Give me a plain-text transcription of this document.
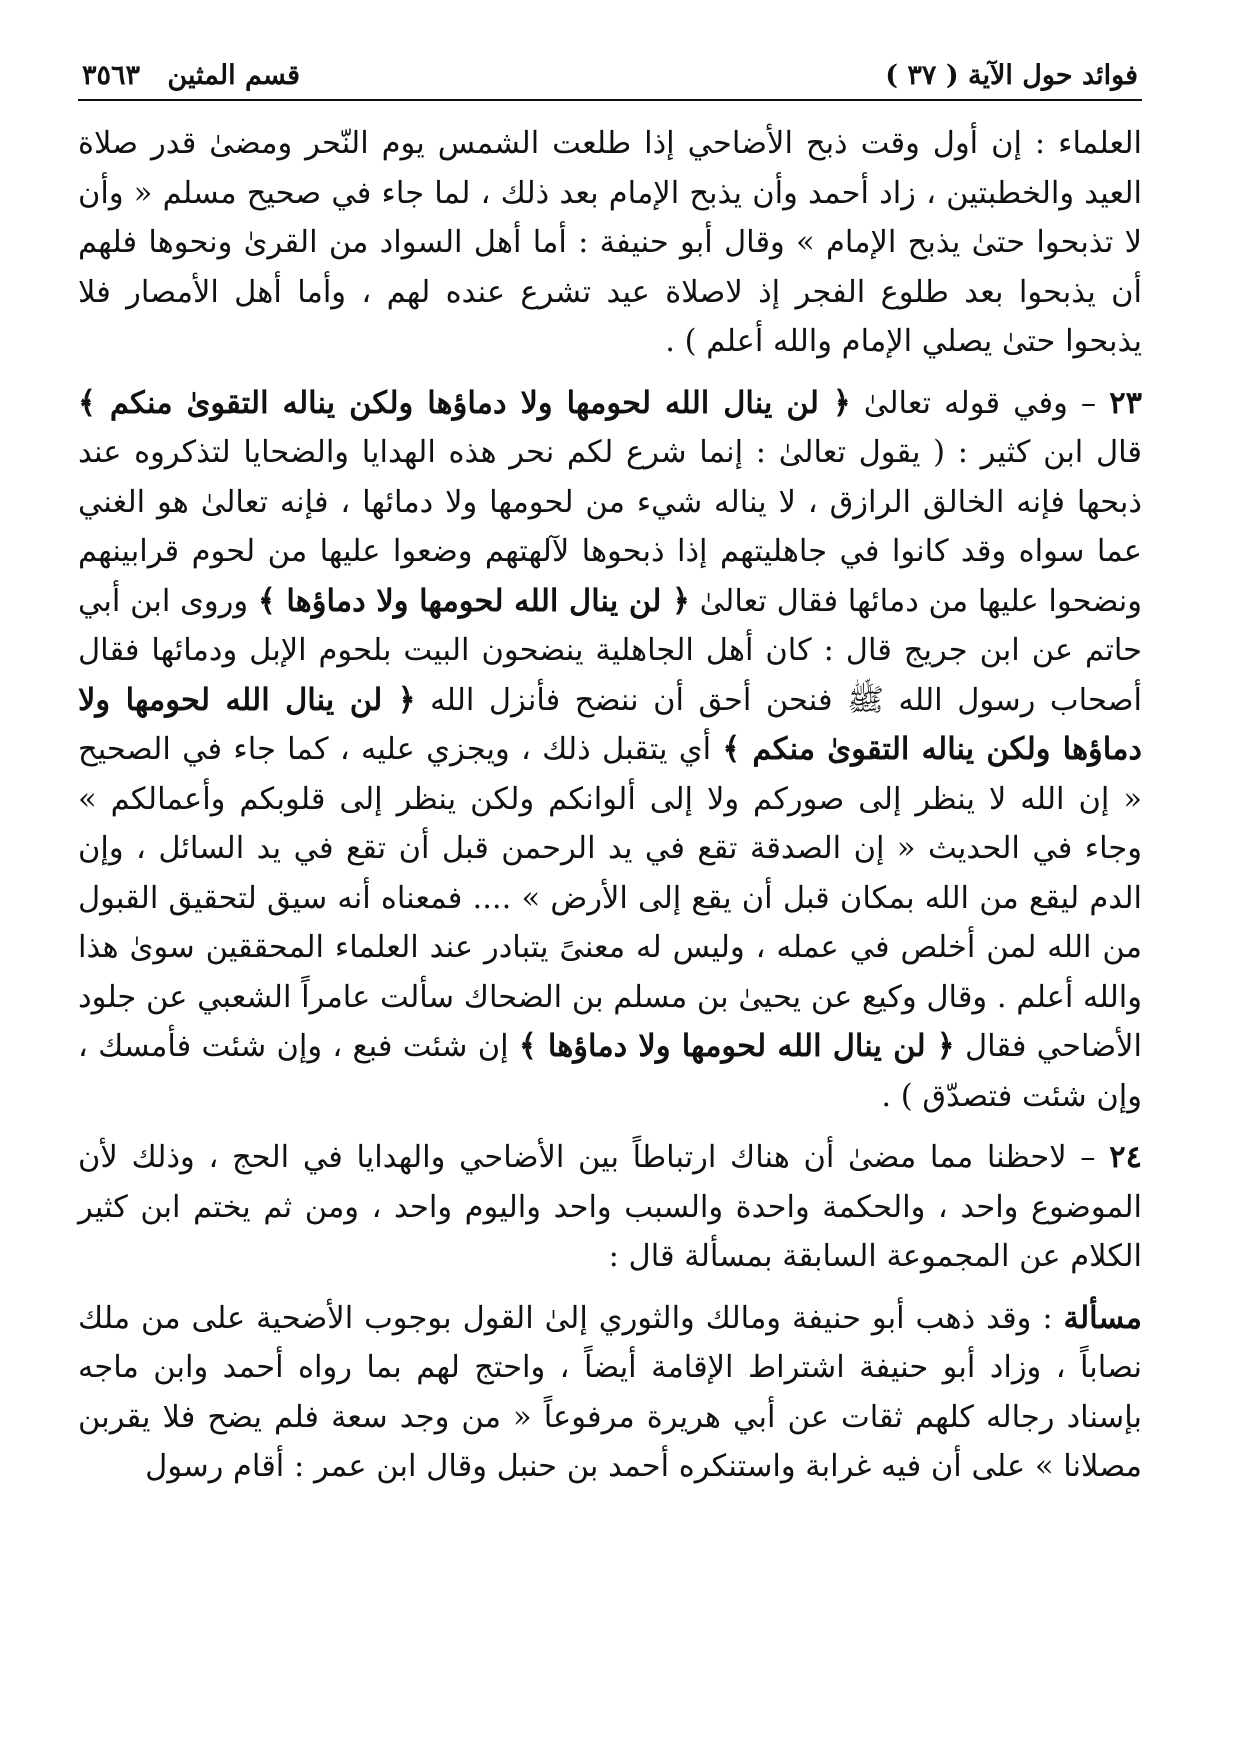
فوائد حول الآية ( ٣٧ )
قسم المثين ٣٥٦٣

العلماء : إن أول وقت ذبح الأضاحي إذا طلعت الشمس يوم النّحر ومضىٰ قدر صلاة
العيد والخطبتين ، زاد أحمد وأن يذبح الإمام بعد ذلك ، لما جاء في صحيح مسلم « وأن
لا تذبحوا حتىٰ يذبح الإمام » وقال أبو حنيفة : أما أهل السواد من القرىٰ ونحوها فلهم
أن يذبحوا بعد طلوع الفجر إذ لاصلاة عيد تشرع عنده لهم ، وأما أهل الأمصار فلا
يذبحوا حتىٰ يصلي الإمام والله أعلم ) .

٢٣ – وفي قوله تعالىٰ ﴿ لن ينال الله لحومها ولا دماؤها ولكن يناله التقوىٰ منكم ﴾ قال ابن كثير : ( يقول تعالىٰ : إنما شرع لكم نحر هذه الهدايا والضحايا لتذكروه عند ذبحها فإنه الخالق الرازق ، لا يناله شيء من لحومها ولا دمائها ، فإنه تعالىٰ هو الغني عما سواه وقد كانوا في جاهليتهم إذا ذبحوها لآلهتهم وضعوا عليها من لحوم قرابينهم ونضحوا عليها من دمائها فقال تعالىٰ ﴿ لن ينال الله لحومها ولا دماؤها ﴾ وروى ابن أبي حاتم عن ابن جريج قال : كان أهل الجاهلية ينضحون البيت بلحوم الإبل ودمائها فقال أصحاب رسول الله ﷺ فنحن أحق أن ننضح فأنزل الله ﴿ لن ينال الله لحومها ولا دماؤها ولكن يناله التقوىٰ منكم ﴾ أي يتقبل ذلك ، ويجزي عليه ، كما جاء في الصحيح « إن الله لا ينظر إلى صوركم ولا إلى ألوانكم ولكن ينظر إلى قلوبكم وأعمالكم » وجاء في الحديث « إن الصدقة تقع في يد الرحمن قبل أن تقع في يد السائل ، وإن الدم ليقع من الله بمكان قبل أن يقع إلى الأرض » .... فمعناه أنه سيق لتحقيق القبول من الله لمن أخلص في عمله ، وليس له معنىً يتبادر عند العلماء المحققين سوىٰ هذا والله أعلم . وقال وكيع عن يحيىٰ بن مسلم بن الضحاك سألت عامراً الشعبي عن جلود الأضاحي فقال ﴿ لن ينال الله لحومها ولا دماؤها ﴾ إن شئت فبع ، وإن شئت فأمسك ، وإن شئت فتصدّق ) .

٢٤ – لاحظنا مما مضىٰ أن هناك ارتباطاً بين الأضاحي والهدايا في الحج ، وذلك لأن الموضوع واحد ، والحكمة واحدة والسبب واحد واليوم واحد ، ومن ثم يختم ابن كثير الكلام عن المجموعة السابقة بمسألة قال :

مسألة : وقد ذهب أبو حنيفة ومالك والثوري إلىٰ القول بوجوب الأضحية على من ملك نصاباً ، وزاد أبو حنيفة اشتراط الإقامة أيضاً ، واحتج لهم بما رواه أحمد وابن ماجه بإسناد رجاله كلهم ثقات عن أبي هريرة مرفوعاً « من وجد سعة فلم يضح فلا يقربن مصلانا » على أن فيه غرابة واستنكره أحمد بن حنبل وقال ابن عمر : أقام رسول
